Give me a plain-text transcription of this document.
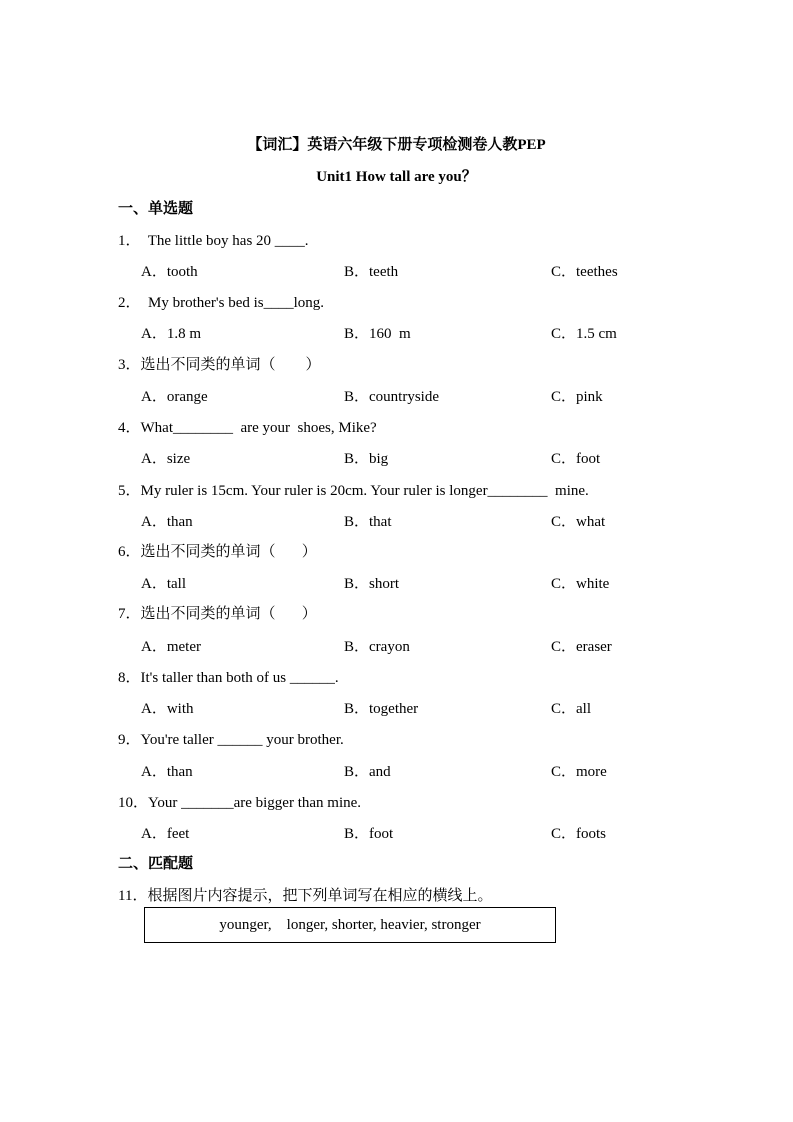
【词汇】英语六年级下册专项检测卷人教PEP
Unit1 How tall are you？
一、单选题
1．  The little boy has 20 ____.
A．tooth	B．teeth	C．teethes
2．  My brother's bed is____long.
A．1.8 m	B．160  m	C．1.5 cm
3．选出不同类的单词（        ）
A．orange	B．countryside	C．pink
4．What________  are your  shoes, Mike?
A．size	B．big	C．foot
5．My ruler is 15cm. Your ruler is 20cm. Your ruler is longer________  mine.
A．than	B．that	C．what
6．选出不同类的单词（       ）
A．tall	B．short	C．white
7．选出不同类的单词（       ）
A．meter	B．crayon	C．eraser
8．It's taller than both of us ______.
A．with	B．together	C．all
9．You're taller ______ your brother.
A．than	B．and	C．more
10．Your _______are bigger than mine.
A．feet	B．foot	C．foots
二、匹配题
11．根据图片内容提示，把下列单词写在相应的横线上。
younger,    longer, shorter, heavier, stronger
